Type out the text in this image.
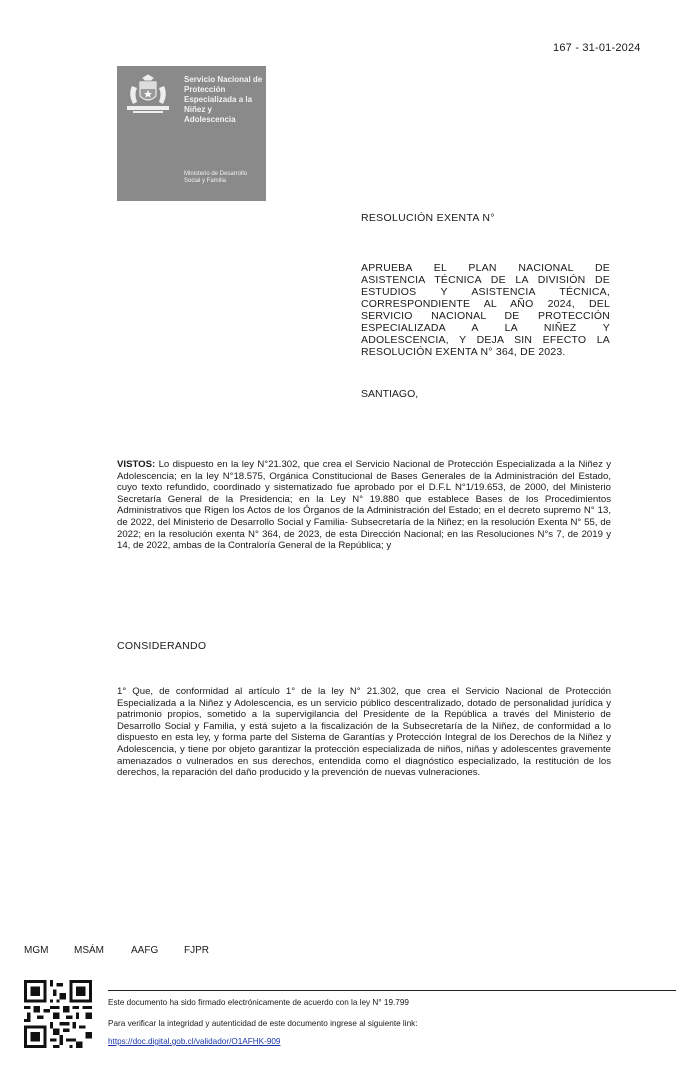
167 - 31-01-2024
Servicio Nacional de Protección Especializada a la Niñez y Adolescencia
Ministerio de Desarrollo Social y Familia
RESOLUCIÓN EXENTA N°
APRUEBA EL PLAN NACIONAL DE
ASISTENCIA TÉCNICA DE LA DIVISIÓN DE
ESTUDIOS Y ASISTENCIA TÉCNICA,
CORRESPONDIENTE AL AÑO 2024, DEL
SERVICIO NACIONAL DE PROTECCIÓN
ESPECIALIZADA A LA NIÑEZ Y
ADOLESCENCIA, Y DEJA SIN EFECTO LA
RESOLUCIÓN EXENTA N° 364, DE 2023.
SANTIAGO,
VISTOS: Lo dispuesto en la ley N°21.302, que crea el Servicio Nacional de Protección Especializada a la Niñez y Adolescencia; en la ley N°18.575, Orgánica Constitucional de Bases Generales de la Administración del Estado, cuyo texto refundido, coordinado y sistematizado fue aprobado por el D.F.L N°1/19.653, de 2000, del Ministerio Secretaría General de la Presidencia; en la Ley N° 19.880 que establece Bases de los Procedimientos Administrativos que Rigen los Actos de los Órganos de la Administración del Estado; en el decreto supremo N° 13, de 2022, del Ministerio de Desarrollo Social y Familia- Subsecretaría de la Niñez; en la resolución Exenta N° 55, de 2022; en la resolución exenta N° 364, de 2023, de esta Dirección Nacional; en las Resoluciones N°s 7, de 2019 y 14, de 2022, ambas de la Contraloría General de la República; y
CONSIDERANDO
1° Que, de conformidad al artículo 1° de la ley N° 21.302, que crea el Servicio Nacional de Protección Especializada a la Niñez y Adolescencia, es un servicio público descentralizado, dotado de personalidad jurídica y patrimonio propios, sometido a la supervigilancia del Presidente de la República a través del Ministerio de Desarrollo Social y Familia, y está sujeto a la fiscalización de la Subsecretaría de la Niñez, de conformidad a lo dispuesto en esta ley, y forma parte del Sistema de Garantías y Protección Integral de los Derechos de la Niñez y Adolescencia, y tiene por objeto garantizar la protección especializada de niños, niñas y adolescentes gravemente amenazados o vulnerados en sus derechos, entendida como el diagnóstico especializado, la restitución de los derechos, la reparación del daño producido y la prevención de nuevas vulneraciones.
MGM	MSÁM	AAFG	FJPR
Este documento ha sido firmado electrónicamente de acuerdo con la ley N° 19.799
Para verificar la integridad y autenticidad de este documento ingrese al siguiente link:
https://doc.digital.gob.cl/validador/O1AFHK-909
